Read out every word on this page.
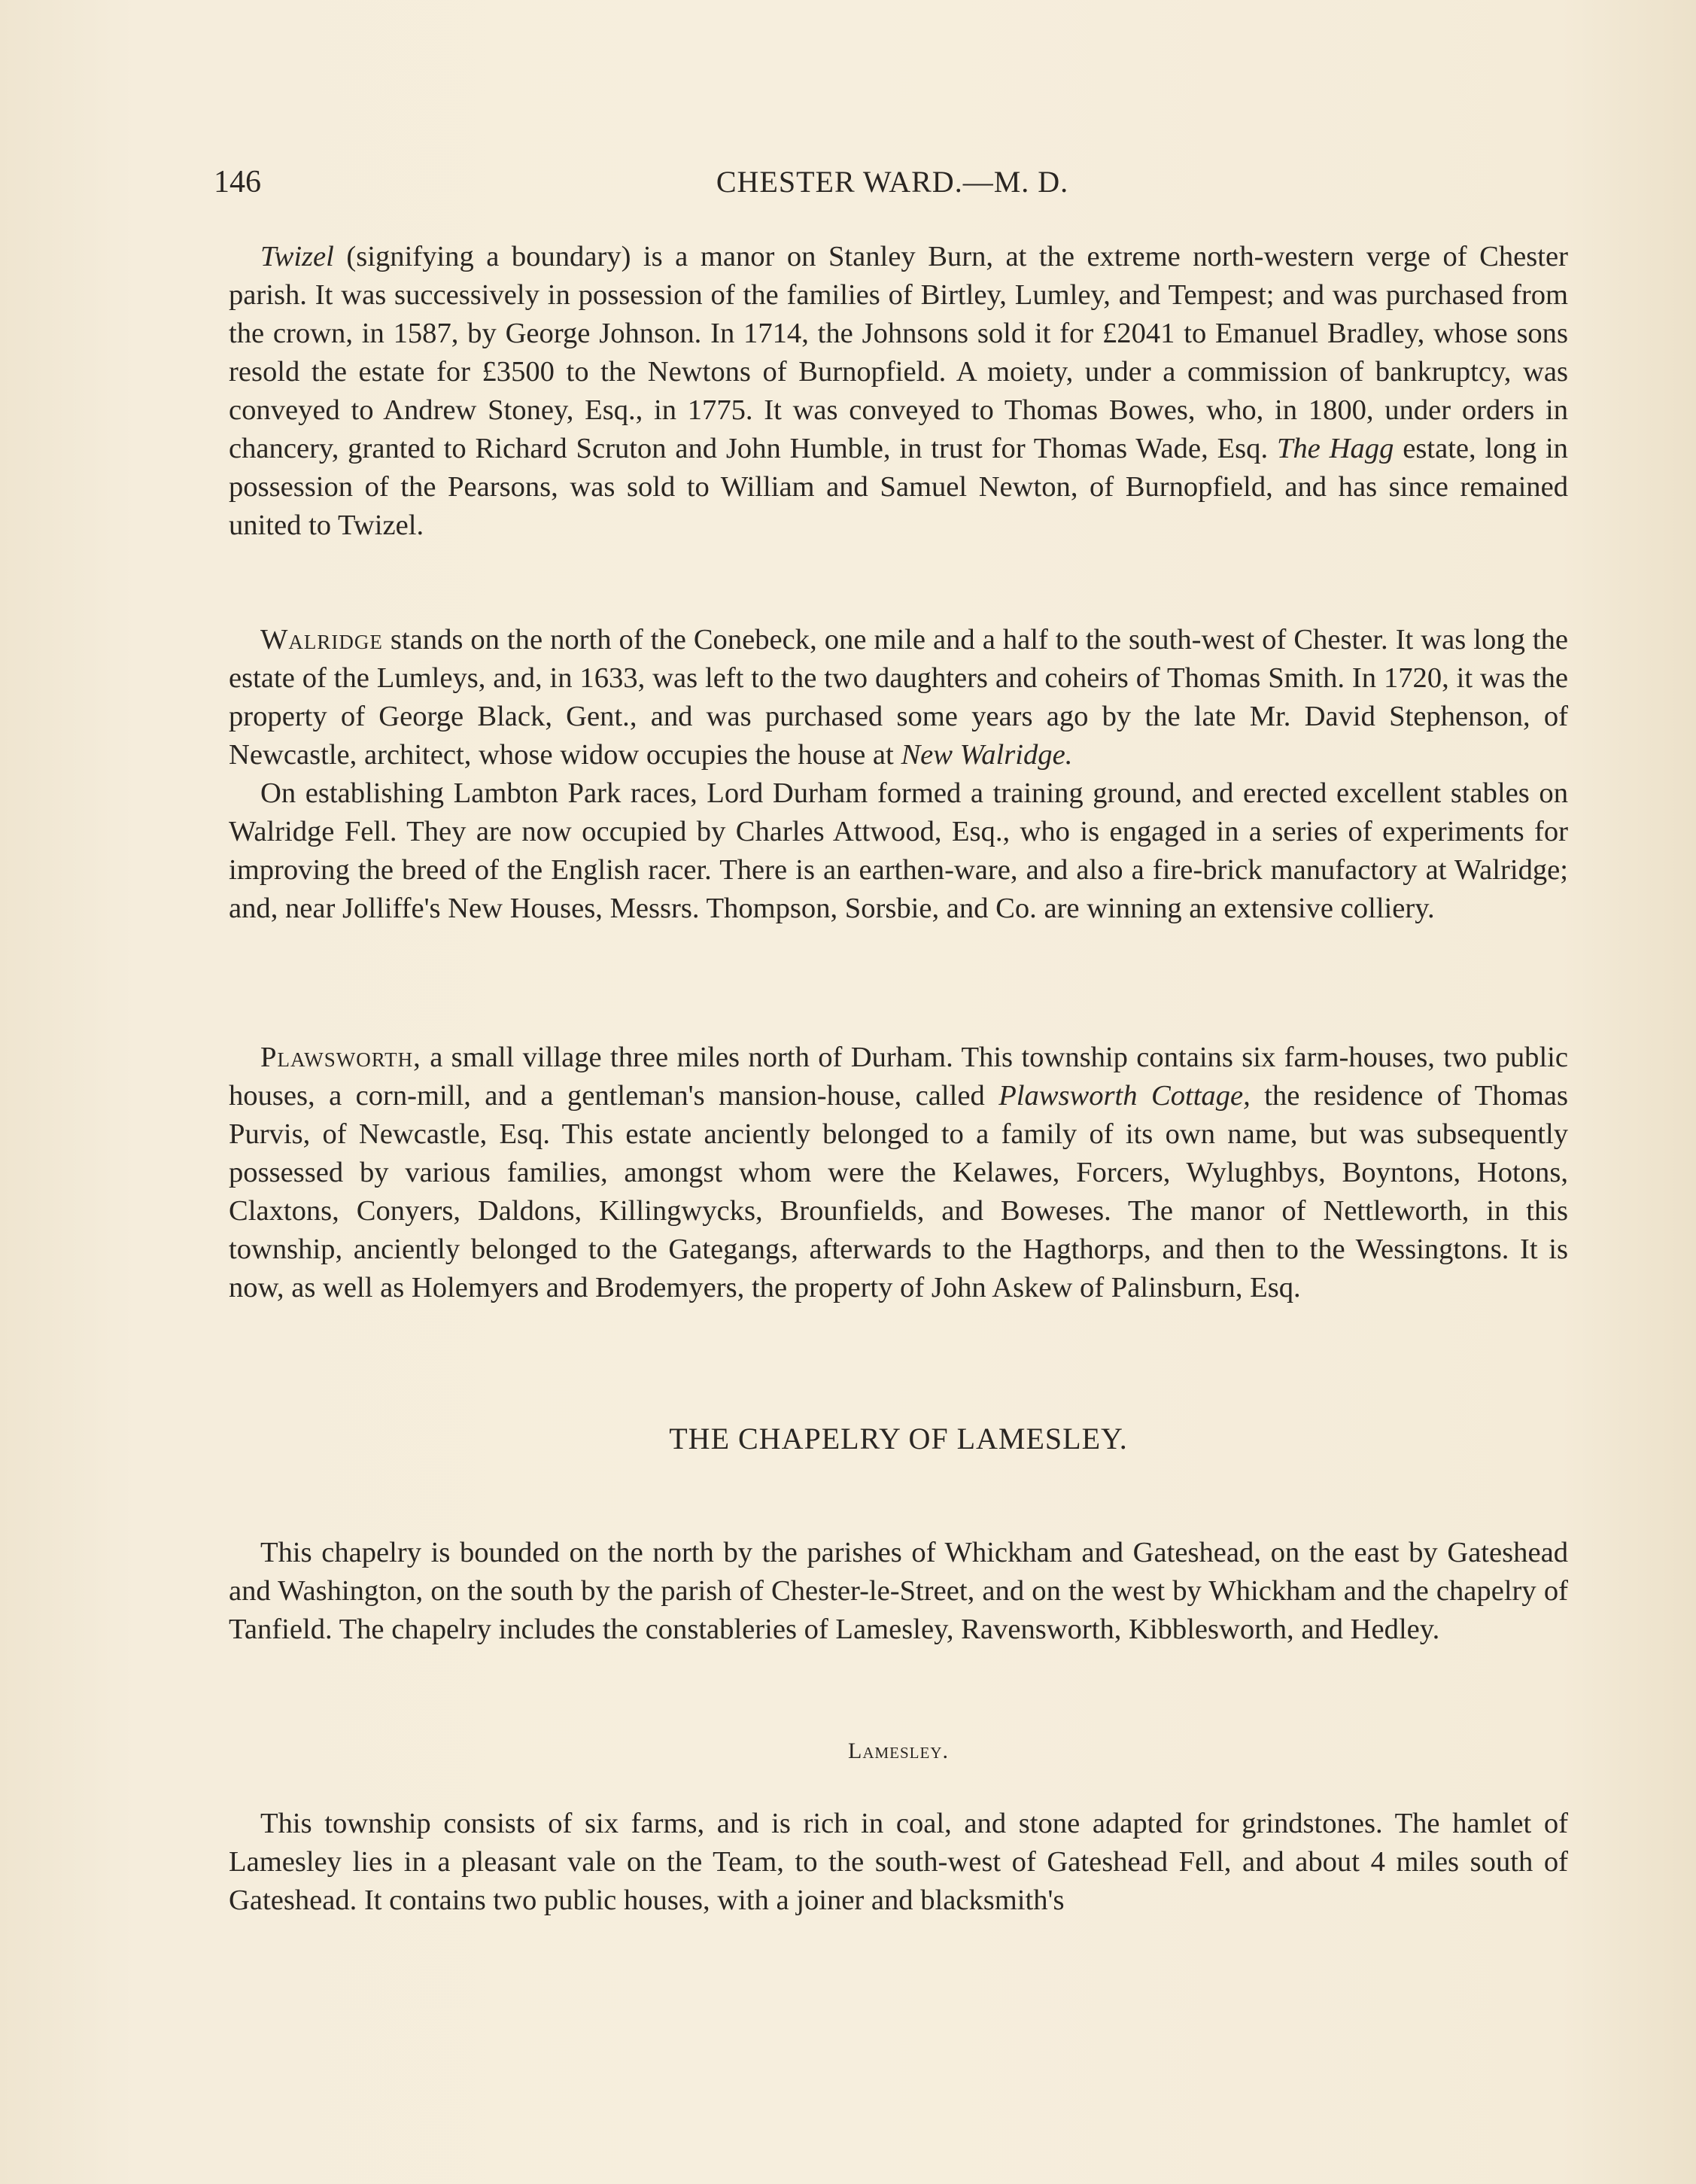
146	CHESTER WARD.—M. D.

Twizel (signifying a boundary) is a manor on Stanley Burn, at the extreme north-western verge of Chester parish. It was successively in possession of the families of Birtley, Lumley, and Tempest; and was purchased from the crown, in 1587, by George Johnson. In 1714, the Johnsons sold it for £2041 to Emanuel Bradley, whose sons resold the estate for £3500 to the Newtons of Burnopfield. A moiety, under a commission of bankruptcy, was conveyed to Andrew Stoney, Esq., in 1775. It was conveyed to Thomas Bowes, who, in 1800, under orders in chancery, granted to Richard Scruton and John Humble, in trust for Thomas Wade, Esq. The Hagg estate, long in possession of the Pearsons, was sold to William and Samuel Newton, of Burnopfield, and has since remained united to Twizel.

Walridge stands on the north of the Conebeck, one mile and a half to the south-west of Chester. It was long the estate of the Lumleys, and, in 1633, was left to the two daughters and coheirs of Thomas Smith. In 1720, it was the property of George Black, Gent., and was purchased some years ago by the late Mr. David Stephenson, of Newcastle, architect, whose widow occupies the house at New Walridge.

On establishing Lambton Park races, Lord Durham formed a training ground, and erected excellent stables on Walridge Fell. They are now occupied by Charles Attwood, Esq., who is engaged in a series of experiments for improving the breed of the English racer. There is an earthen-ware, and also a fire-brick manufactory at Walridge; and, near Jolliffe's New Houses, Messrs. Thompson, Sorsbie, and Co. are winning an extensive colliery.

Plawsworth, a small village three miles north of Durham. This township contains six farm-houses, two public houses, a corn-mill, and a gentleman's mansion-house, called Plawsworth Cottage, the residence of Thomas Purvis, of Newcastle, Esq. This estate anciently belonged to a family of its own name, but was subsequently possessed by various families, amongst whom were the Kelawes, Forcers, Wylughbys, Boyntons, Hotons, Claxtons, Conyers, Daldons, Killingwycks, Brounfields, and Boweses. The manor of Nettleworth, in this township, anciently belonged to the Gategangs, afterwards to the Hagthorps, and then to the Wessingtons. It is now, as well as Holemyers and Brodemyers, the property of John Askew of Palinsburn, Esq.

THE CHAPELRY OF LAMESLEY.

This chapelry is bounded on the north by the parishes of Whickham and Gateshead, on the east by Gateshead and Washington, on the south by the parish of Chester-le-Street, and on the west by Whickham and the chapelry of Tanfield. The chapelry includes the constableries of Lamesley, Ravensworth, Kibblesworth, and Hedley.

Lamesley.

This township consists of six farms, and is rich in coal, and stone adapted for grindstones. The hamlet of Lamesley lies in a pleasant vale on the Team, to the south-west of Gateshead Fell, and about 4 miles south of Gateshead. It contains two public houses, with a joiner and blacksmith's
